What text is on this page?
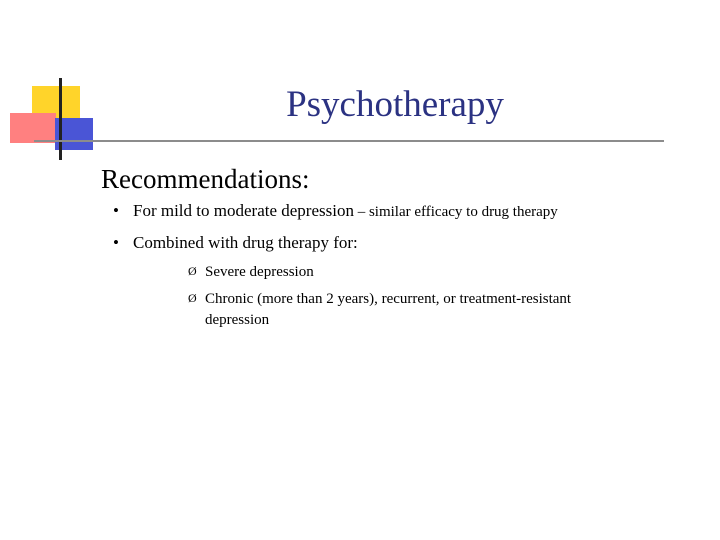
Psychotherapy
Recommendations:
• For mild to moderate depression – similar efficacy to drug therapy
• Combined with drug therapy for:
Ø Severe depression
Ø Chronic (more than 2 years), recurrent, or treatment-resistant
depression
